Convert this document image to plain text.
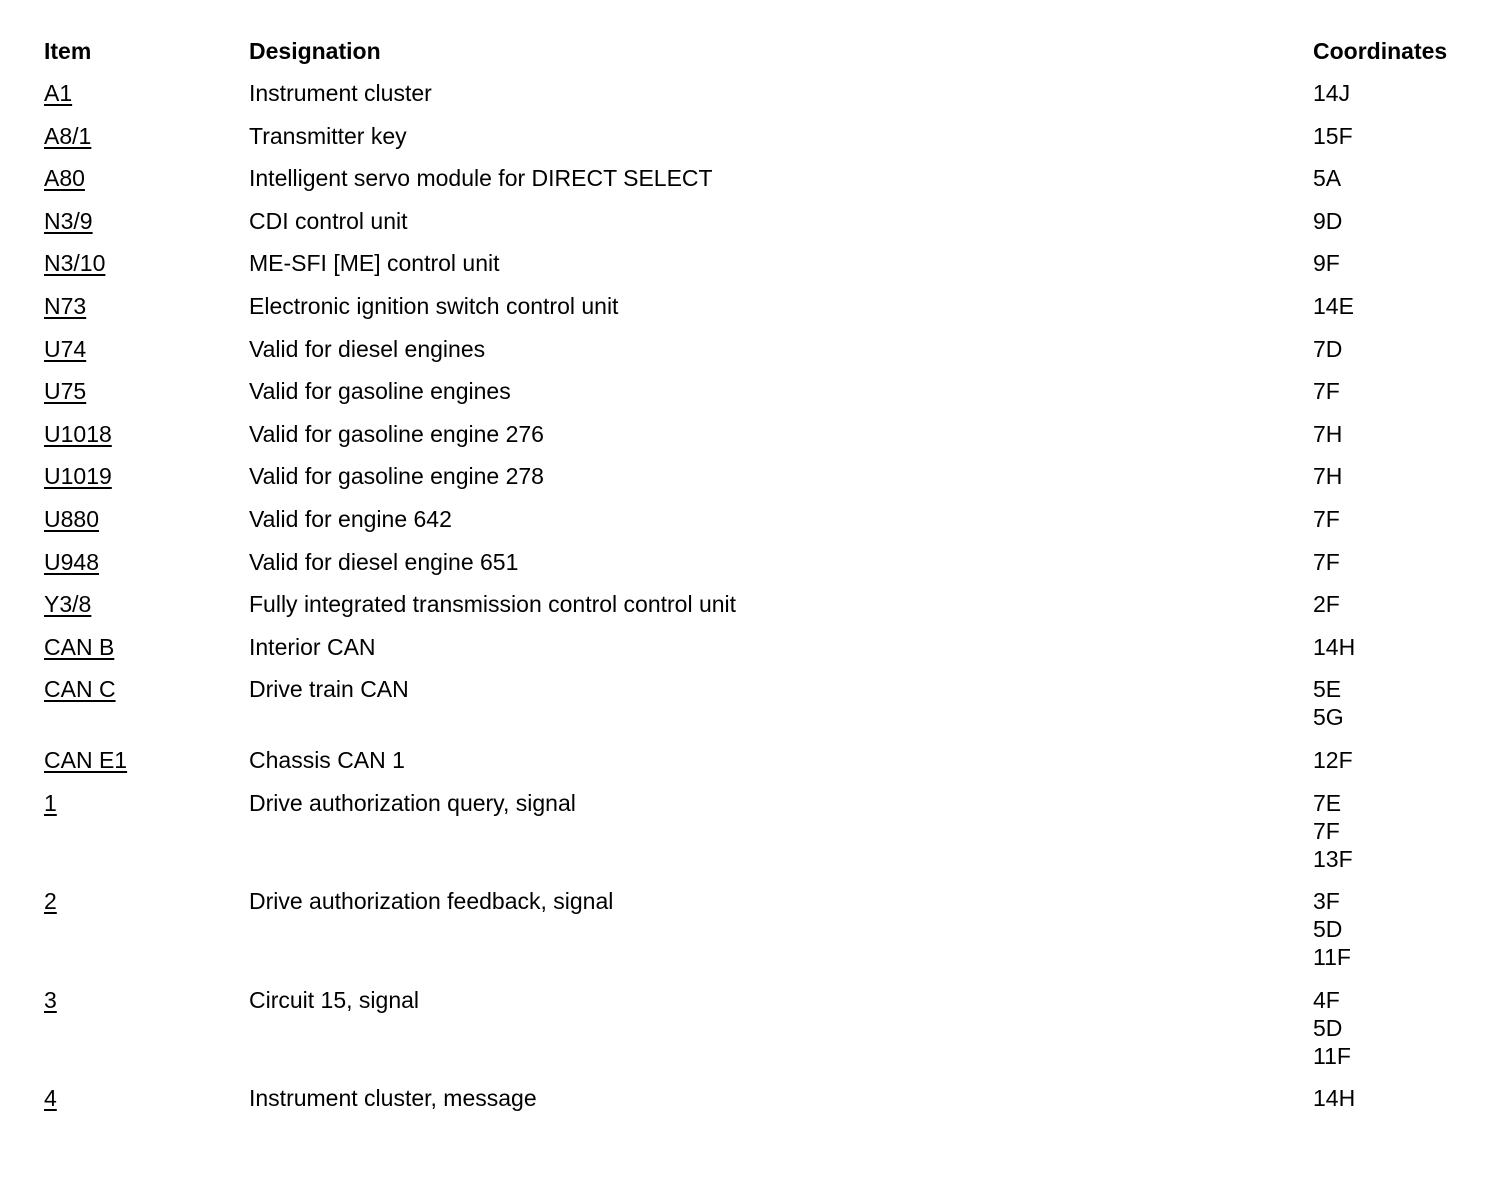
Item	Designation	Coordinates
A1	Instrument cluster	14J
A8/1	Transmitter key	15F
A80	Intelligent servo module for DIRECT SELECT	5A
N3/9	CDI control unit	9D
N3/10	ME-SFI [ME] control unit	9F
N73	Electronic ignition switch control unit	14E
U74	Valid for diesel engines	7D
U75	Valid for gasoline engines	7F
U1018	Valid for gasoline engine 276	7H
U1019	Valid for gasoline engine 278	7H
U880	Valid for engine 642	7F
U948	Valid for diesel engine 651	7F
Y3/8	Fully integrated transmission control control unit	2F
CAN B	Interior CAN	14H
CAN C	Drive train CAN	5E
5G
CAN E1	Chassis CAN 1	12F
1	Drive authorization query, signal	7E
7F
13F
2	Drive authorization feedback, signal	3F
5D
11F
3	Circuit 15, signal	4F
5D
11F
4	Instrument cluster, message	14H
